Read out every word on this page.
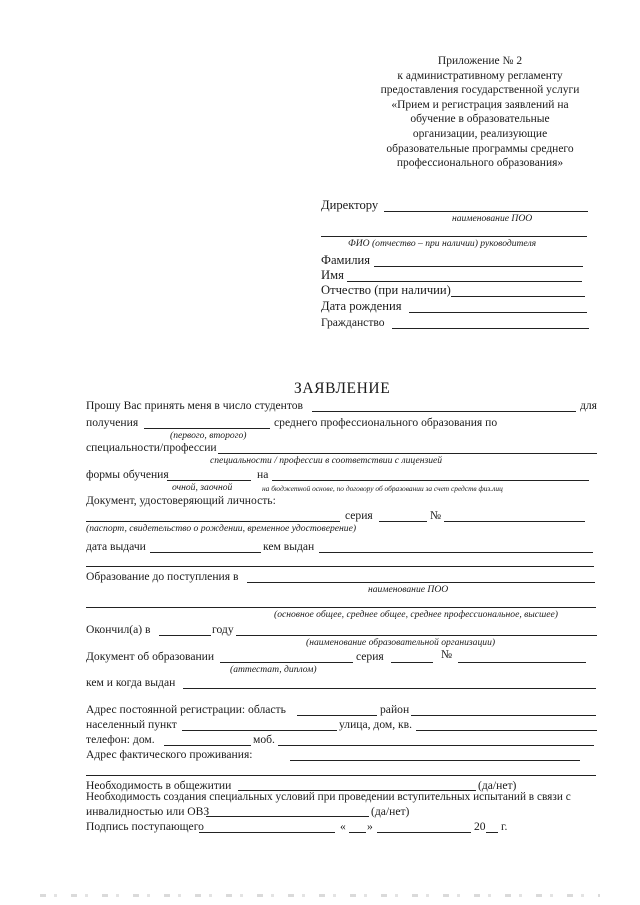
Приложение № 2
к административному регламенту
предоставления государственной услуги
«Прием и регистрация заявлений на
обучение в образовательные
организации, реализующие
образовательные программы среднего
профессионального образования»
Директору
наименование ПОО
ФИО (отчество – при наличии) руководителя
Фамилия
Имя
Отчество (при наличии)
Дата рождения
Гражданство
ЗАЯВЛЕНИЕ
Прошу Вас принять меня в число студентов	для
получения	среднего профессионального образования по
(первого, второго)
специальности/профессии
специальности / профессии в соответствии с лицензией
формы обучения	на
очной, заочной	на бюджетной основе, по договору об образовании за счет средств физ.лиц
Документ, удостоверяющий личность:
серия	№
(паспорт, свидетельство о рождении, временное удостоверение)
дата выдачи	кем выдан
Образование до поступления в
наименование ПОО
(основное общее, среднее общее, среднее профессиональное, высшее)
Окончил(а) в	году
(наименование образовательной организации)
Документ об образовании	серия	№
(аттестат, диплом)
кем и когда выдан
Адрес постоянной регистрации: область	район
населенный пункт	улица, дом, кв.
телефон: дом.	моб.
Адрес фактического проживания:
Необходимость в общежитии	(да/нет)
Необходимость создания специальных условий при проведении вступительных испытаний в связи с
инвалидностью или ОВЗ	(да/нет)
Подпись поступающего	« »	20 г.
